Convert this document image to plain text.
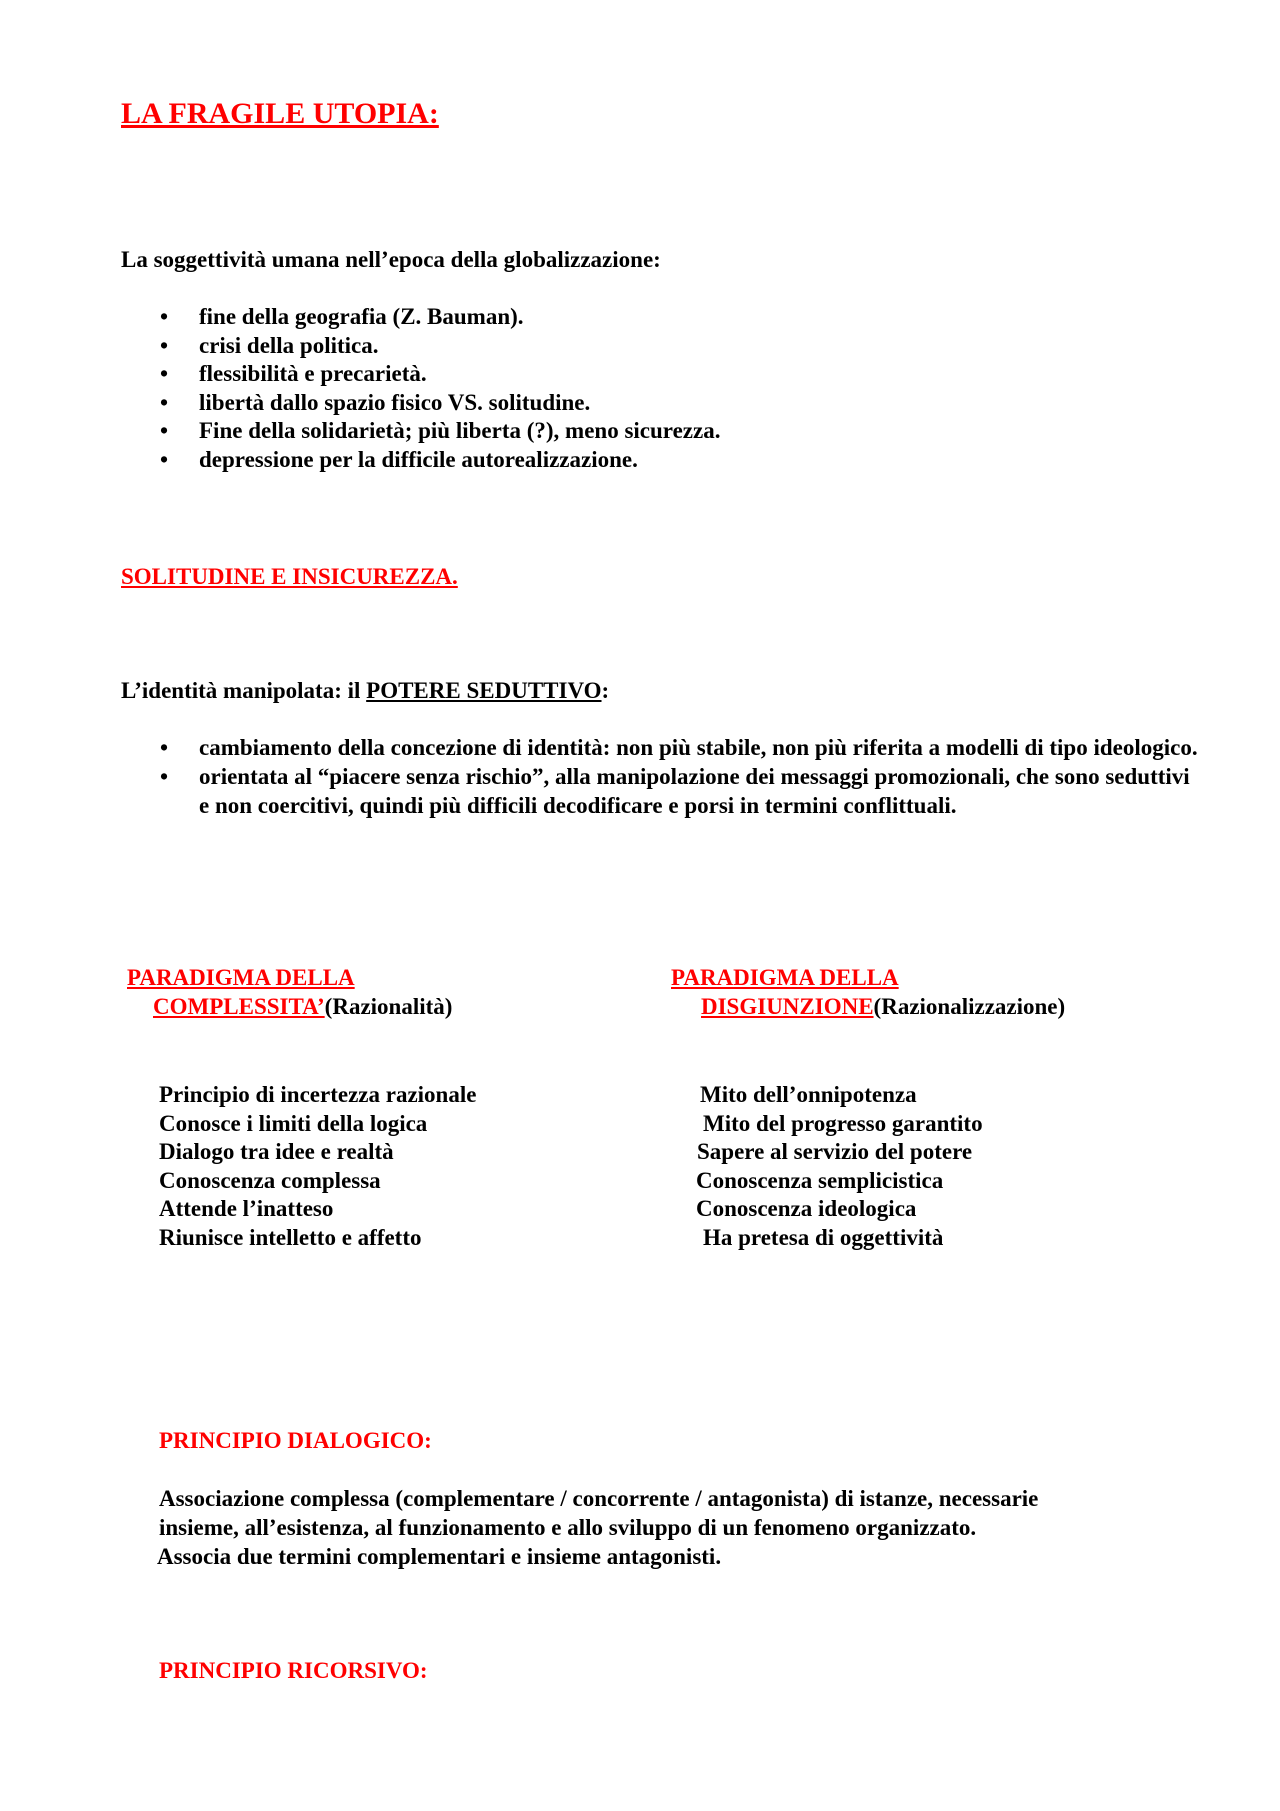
LA FRAGILE UTOPIA:
La soggettività umana nell’epoca della globalizzazione:
• fine della geografia (Z. Bauman).
• crisi della politica.
• flessibilità e precarietà.
• libertà dallo spazio fisico VS. solitudine.
• Fine della solidarietà; più liberta (?), meno sicurezza.
• depressione per la difficile autorealizzazione.
SOLITUDINE E INSICUREZZA.
L’identità manipolata: il POTERE SEDUTTIVO:
• cambiamento della concezione di identità: non più stabile, non più riferita a modelli di tipo ideologico.
• orientata al “piacere senza rischio”, alla manipolazione dei messaggi promozionali, che sono seduttivi e non coercitivi, quindi più difficili decodificare e porsi in termini conflittuali.
PARADIGMA DELLA
COMPLESSITA’(Razionalità)
PARADIGMA DELLA
DISGIUNZIONE(Razionalizzazione)
Principio di incertezza razionale
Conosce i limiti della logica
Dialogo tra idee e realtà
Conoscenza complessa
Attende l’inatteso
Riunisce intelletto e affetto
Mito dell’onnipotenza
Mito del progresso garantito
Sapere al servizio del potere
Conoscenza semplicistica
Conoscenza ideologica
Ha pretesa di oggettività
PRINCIPIO DIALOGICO:
Associazione complessa (complementare / concorrente / antagonista) di istanze, necessarie
insieme, all’esistenza, al funzionamento e allo sviluppo di un fenomeno organizzato.
Associa due termini complementari e insieme antagonisti.
PRINCIPIO RICORSIVO:
